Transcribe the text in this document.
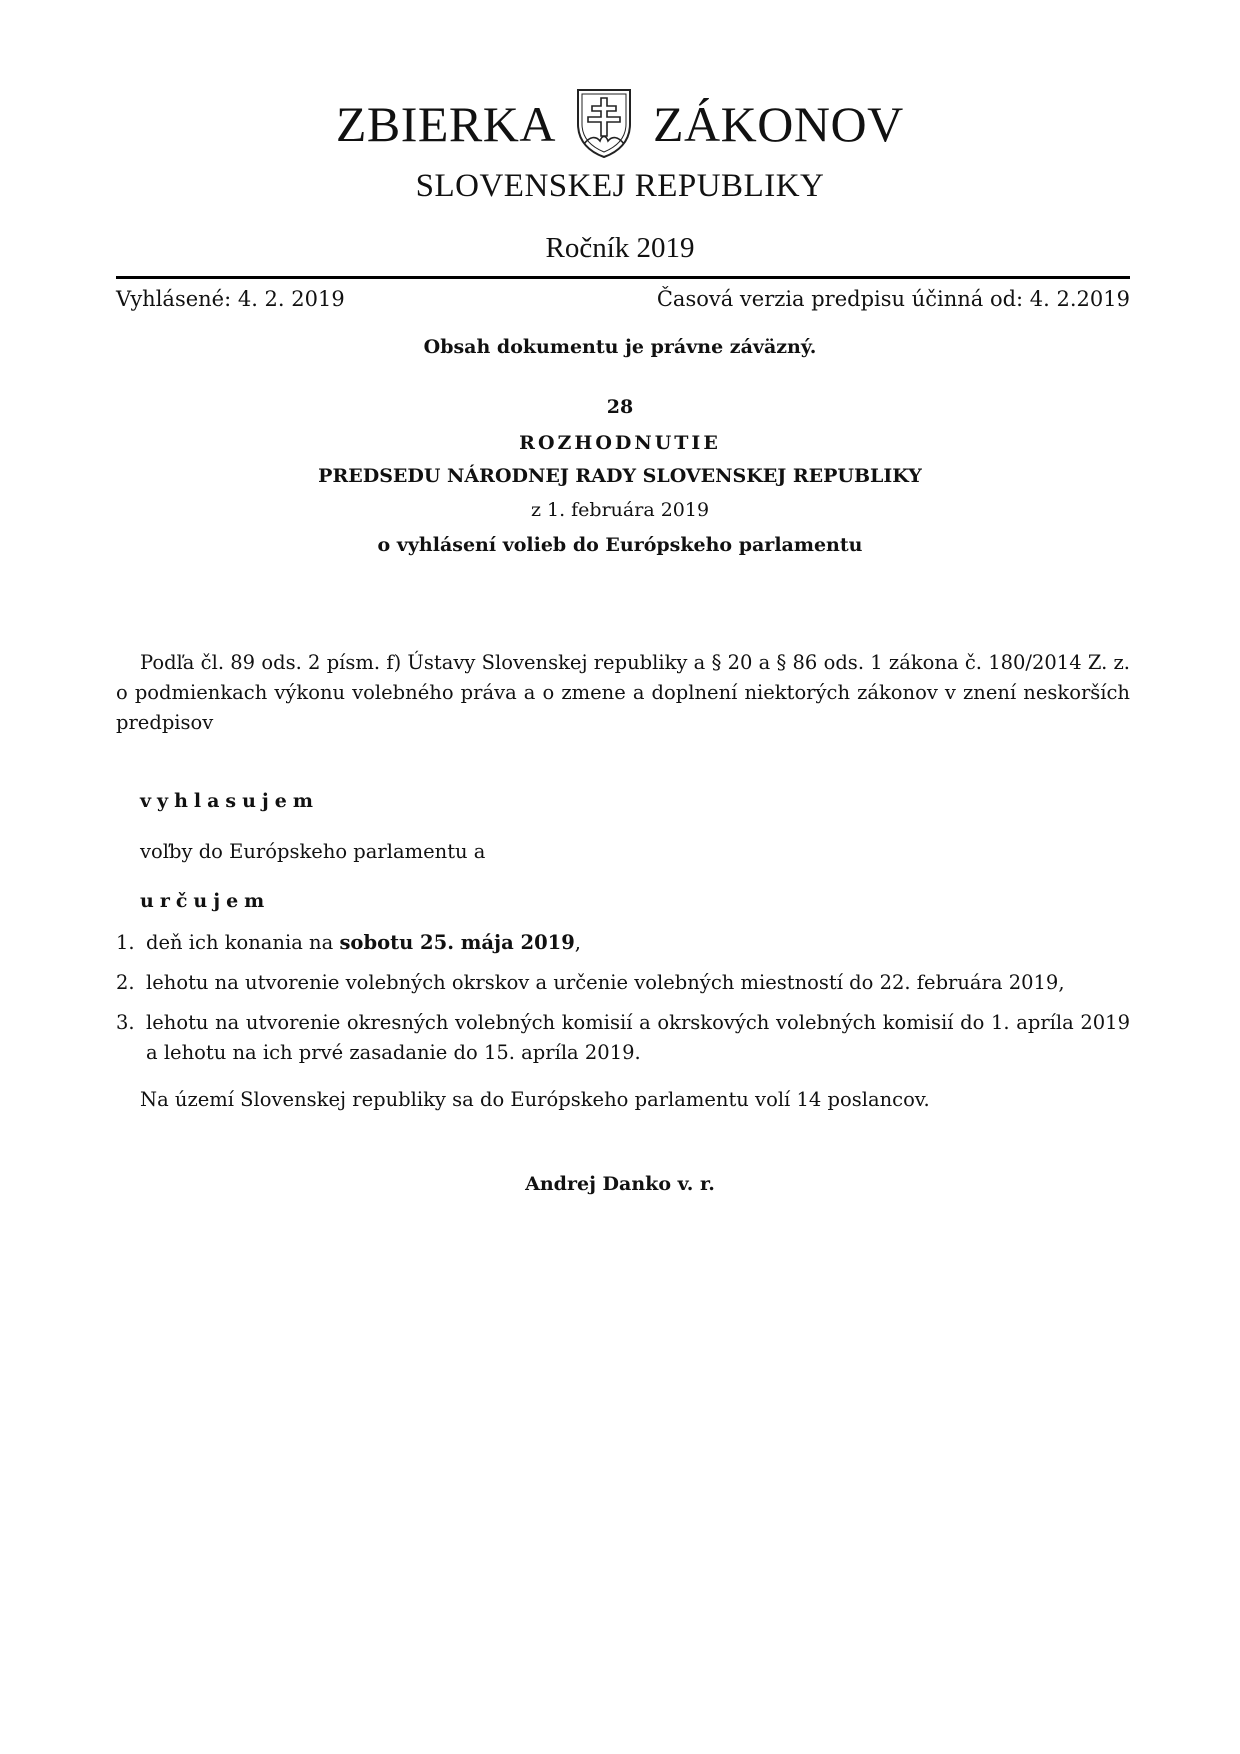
ZBIERKA ZÁKONOV
SLOVENSKEJ REPUBLIKY
Ročník 2019
Vyhlásené: 4. 2. 2019	Časová verzia predpisu účinná od: 4. 2.2019
Obsah dokumentu je právne záväzný.
28
ROZHODNUTIE
PREDSEDU NÁRODNEJ RADY SLOVENSKEJ REPUBLIKY
z 1. februára 2019
o vyhlásení volieb do Európskeho parlamentu

Podľa čl. 89 ods. 2 písm. f) Ústavy Slovenskej republiky a § 20 a § 86 ods. 1 zákona č. 180/2014 Z. z. o podmienkach výkonu volebného práva a o zmene a doplnení niektorých zákonov v znení neskorších predpisov

vyhlasujem
voľby do Európskeho parlamentu a
určujem
1. deň ich konania na sobotu 25. mája 2019,
2. lehotu na utvorenie volebných okrskov a určenie volebných miestností do 22. februára 2019,
3. lehotu na utvorenie okresných volebných komisií a okrskových volebných komisií do 1. apríla 2019 a lehotu na ich prvé zasadanie do 15. apríla 2019.
Na území Slovenskej republiky sa do Európskeho parlamentu volí 14 poslancov.
Andrej Danko v. r.
